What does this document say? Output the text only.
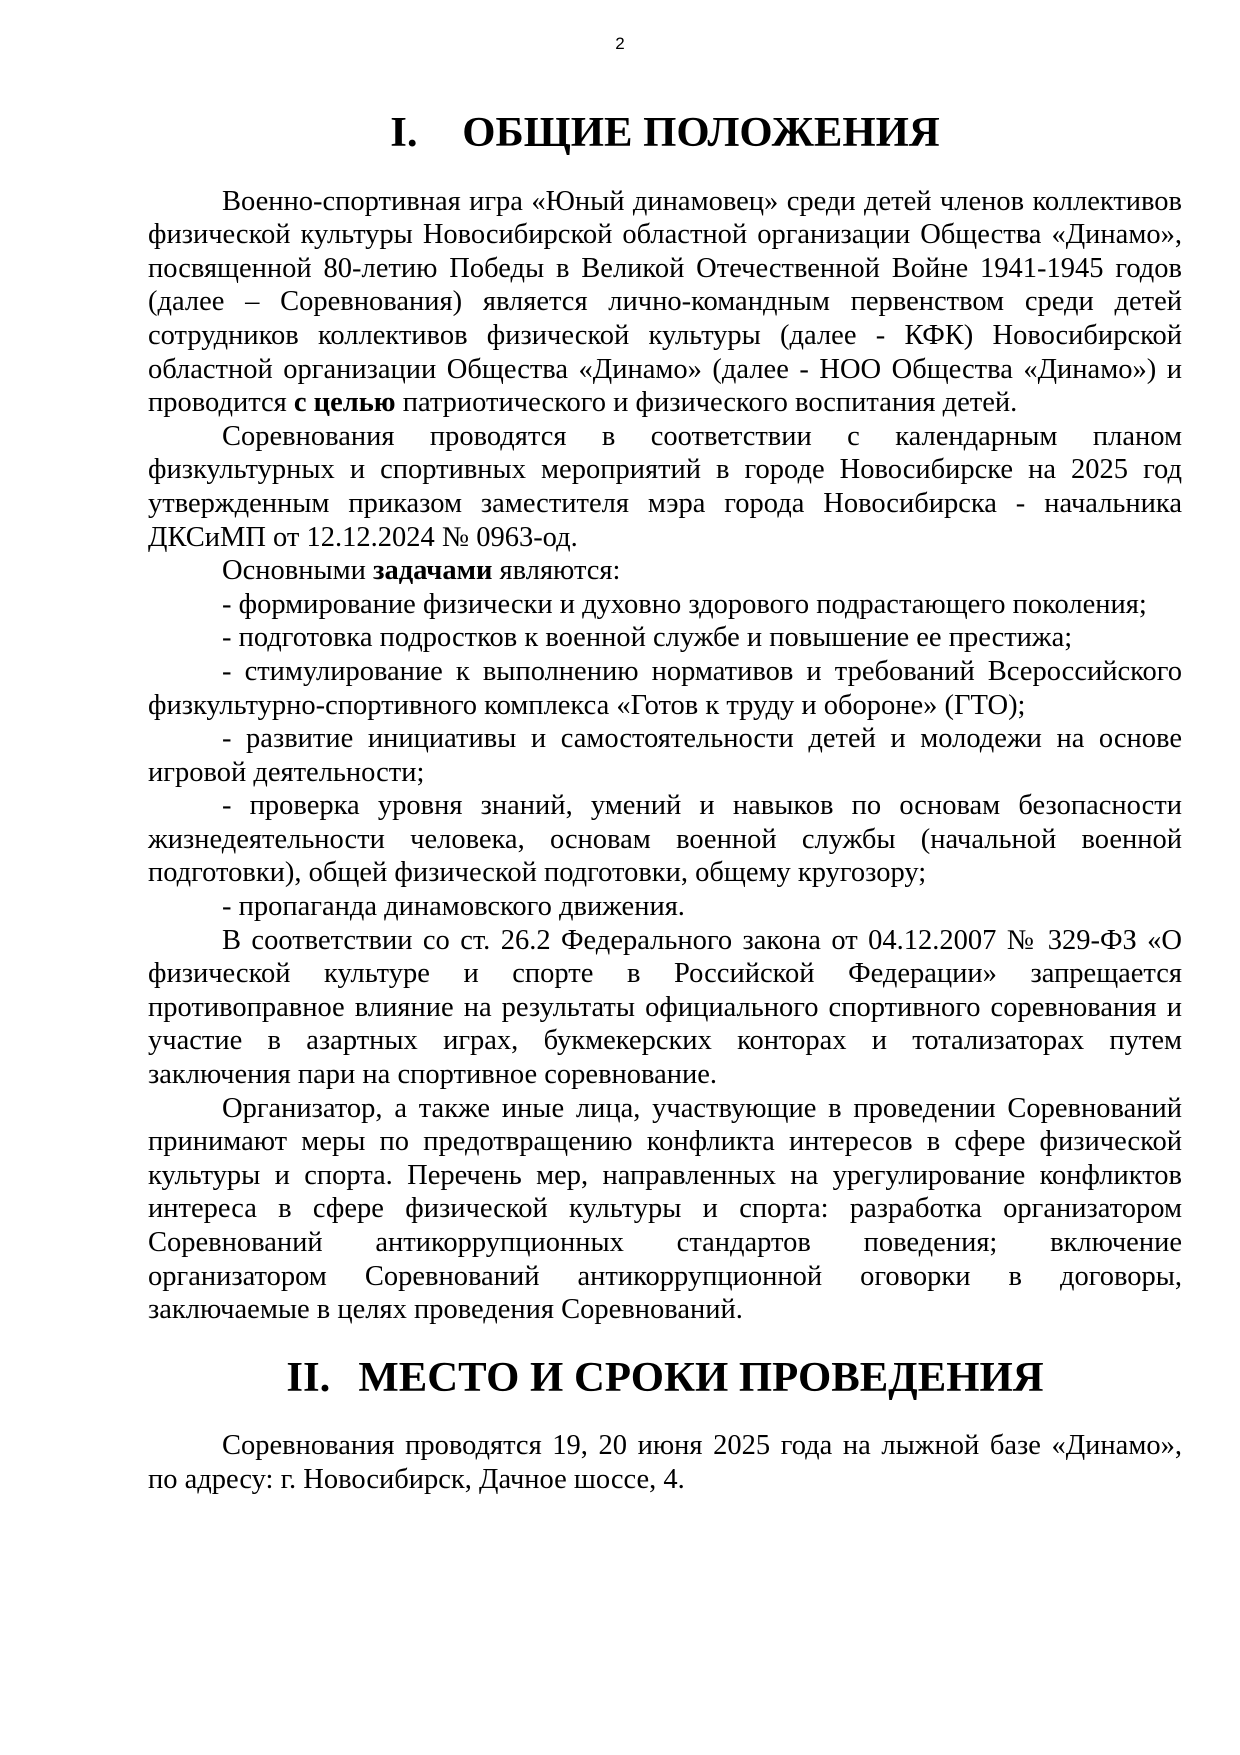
2
I. ОБЩИЕ ПОЛОЖЕНИЯ

Военно-спортивная игра «Юный динамовец» среди детей членов коллективов физической культуры Новосибирской областной организации Общества «Динамо», посвященной 80-летию Победы в Великой Отечественной Войне 1941-1945 годов (далее – Соревнования) является лично-командным первенством среди детей сотрудников коллективов физической культуры (далее - КФК) Новосибирской областной организации Общества «Динамо» (далее - НОО Общества «Динамо») и проводится с целью патриотического и физического воспитания детей.

Соревнования проводятся в соответствии с календарным планом физкультурных и спортивных мероприятий в городе Новосибирске на 2025 год утвержденным приказом заместителя мэра города Новосибирска - начальника ДКСиМП от 12.12.2024 № 0963-од.

Основными задачами являются:

- формирование физически и духовно здорового подрастающего поколения;

- подготовка подростков к военной службе и повышение ее престижа;

- стимулирование к выполнению нормативов и требований Всероссийского физкультурно-спортивного комплекса «Готов к труду и обороне» (ГТО);

- развитие инициативы и самостоятельности детей и молодежи на основе игровой деятельности;

- проверка уровня знаний, умений и навыков по основам безопасности жизнедеятельности человека, основам военной службы (начальной военной подготовки), общей физической подготовки, общему кругозору;

- пропаганда динамовского движения.

В соответствии со ст. 26.2 Федерального закона от 04.12.2007 № 329-ФЗ «О физической культуре и спорте в Российской Федерации» запрещается противоправное влияние на результаты официального спортивного соревнования и участие в азартных играх, букмекерских конторах и тотализаторах путем заключения пари на спортивное соревнование.

Организатор, а также иные лица, участвующие в проведении Соревнований принимают меры по предотвращению конфликта интересов в сфере физической культуры и спорта. Перечень мер, направленных на урегулирование конфликтов интереса в сфере физической культуры и спорта: разработка организатором Соревнований антикоррупционных стандартов поведения; включение организатором Соревнований антикоррупционной оговорки в договоры, заключаемые в целях проведения Соревнований.

II. МЕСТО И СРОКИ ПРОВЕДЕНИЯ

Соревнования проводятся 19, 20 июня 2025 года на лыжной базе «Динамо», по адресу: г. Новосибирск, Дачное шоссе, 4.
